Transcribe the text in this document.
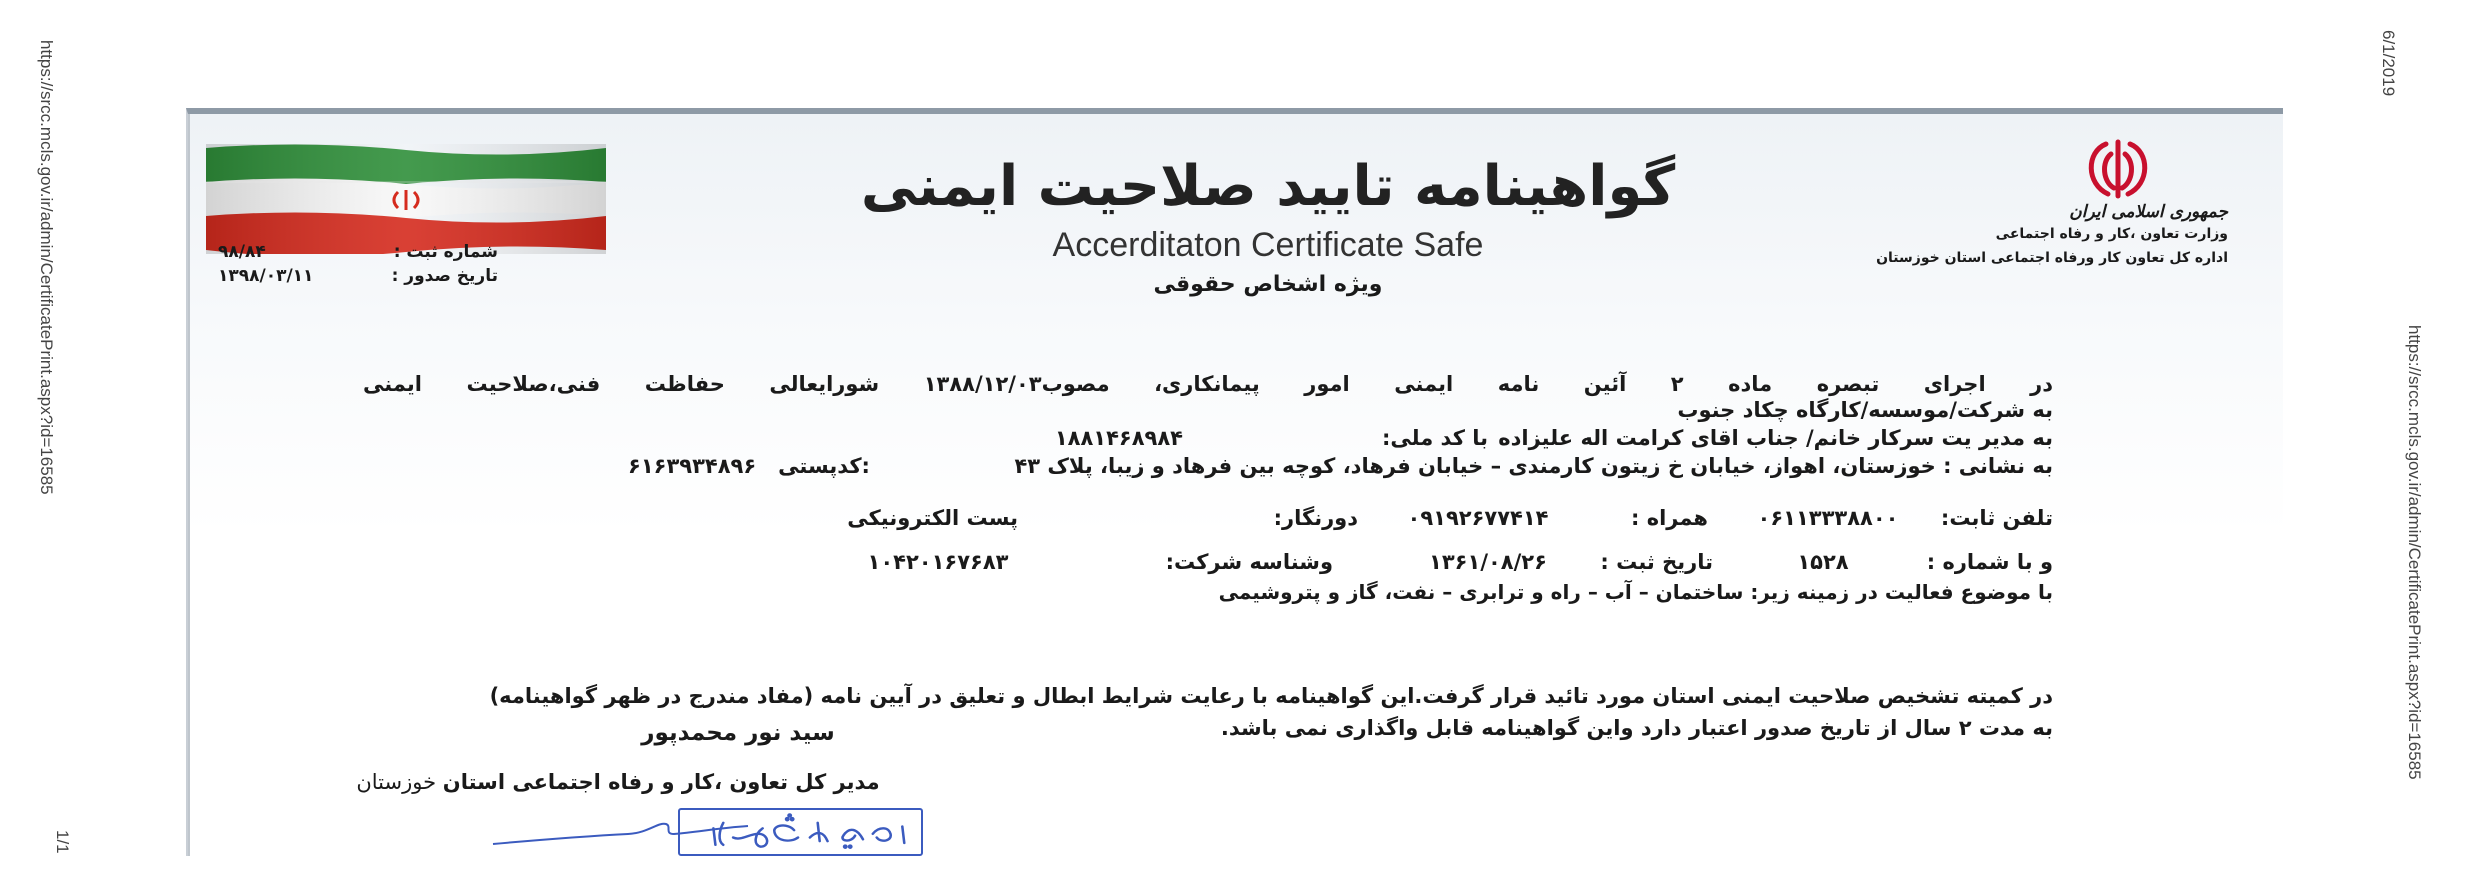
https://srcc.mcls.gov.ir/admin/CertificatePrint.aspx?id=16585
1/1
6/1/2019
https://srcc.mcls.gov.ir/admin/CertificatePrint.aspx?id=16585
جمهوری اسلامی ایران
وزارت تعاون ،کار و رفاه اجتماعی
اداره کل تعاون کار ورفاه اجتماعی استان خوزستان
گواهینامه تایید صلاحیت ایمنی
Accerditaton Certificate Safe
ویژه اشخاص حقوقی
شماره ثبت :
۹۸/۸۴
تاریخ صدور :
۱۳۹۸/۰۳/۱۱
در اجرای تبصره ماده ۲ آئین نامه ایمنی امور پیمانکاری، مصوب۱۳۸۸/۱۲/۰۳ شورایعالی حفاظت فنی،صلاحیت ایمنی
به شرکت/موسسه/کارگاه چکاد جنوب
به مدیر یت سرکار خانم/ جناب اقای کرامت اله علیزاده
با کد ملی:
۱۸۸۱۴۶۸۹۸۴
به نشانی : خوزستان، اهواز، خیابان خ زیتون کارمندی – خیابان فرهاد، کوچه بین فرهاد و زیبا، پلاک ۴۳
۶۱۶۳۹۳۴۸۹۶ کدپستی:
تلفن ثابت:
۰۶۱۱۳۳۳۸۸۰۰
همراه :
۰۹۱۹۲۶۷۷۴۱۴
دورنگار:
پست الکترونیکی
و با شماره :
۱۵۲۸
تاریخ ثبت :
۱۳۶۱/۰۸/۲۶
وشناسه شرکت:
۱۰۴۲۰۱۶۷۶۸۳
با موضوع فعالیت در زمینه زیر: ساختمان – آب – راه و ترابری – نفت، گاز و پتروشیمی
در کمیته تشخیص صلاحیت ایمنی استان مورد تائید قرار گرفت.این گواهینامه با رعایت شرایط ابطال و تعلیق در آیین نامه (مفاد مندرج در ظهر گواهینامه)
به مدت ۲ سال از تاریخ صدور اعتبار دارد واین گواهینامه قابل واگذاری نمی باشد.
سید نور محمدپور
مدیر کل تعاون ،کار و رفاه اجتماعی استان خوزستان
